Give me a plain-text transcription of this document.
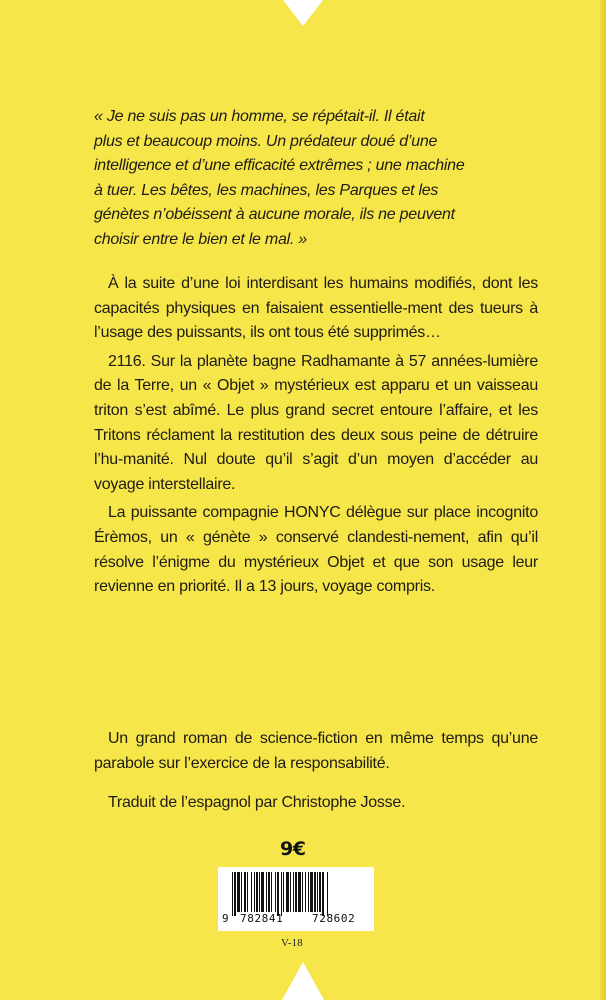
« Je ne suis pas un homme, se répétait-il. Il était

plus et beaucoup moins. Un prédateur doué d’une

intelligence et d’une efficacité extrêmes ; une machine

à tuer. Les bêtes, les machines, les Parques et les

génètes n’obéissent à aucune morale, ils ne peuvent

choisir entre le bien et le mal. »

À la suite d’une loi interdisant les humains modifiés, dont les capacités physiques en faisaient essentielle-ment des tueurs à l’usage des puissants, ils ont tous été supprimés…

2116. Sur la planète bagne Radhamante à 57 années-lumière de la Terre, un « Objet » mystérieux est apparu et un vaisseau triton s’est abîmé. Le plus grand secret entoure l’affaire, et les Tritons réclament la restitution des deux sous peine de détruire l’hu-manité. Nul doute qu’il s’agit d’un moyen d’accéder au voyage interstellaire.

La puissante compagnie HONYC délègue sur place incognito Érèmos, un « génète » conservé clandesti-nement, afin qu’il résolve l’énigme du mystérieux Objet et que son usage leur revienne en priorité. Il a 13 jours, voyage compris.

Un grand roman de science-fiction en même temps qu’une parabole sur l’exercice de la responsabilité.

Traduit de l’espagnol par Christophe Josse.

9€
9 782841	728602
V-18
